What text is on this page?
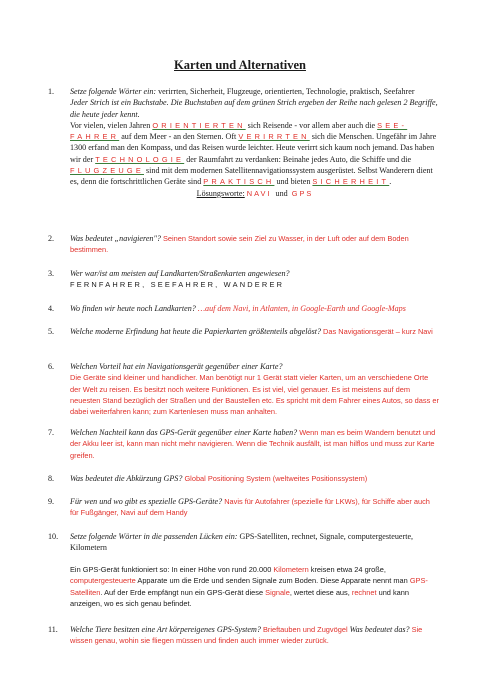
Karten und Alternativen
1. Setze folgende Wörter ein: verirrten, Sicherheit, Flugzeuge, orientierten, Technologie, praktisch, Seefahrer

Jeder Strich ist ein Buchstabe. Die Buchstaben auf dem grünen Strich ergeben der Reihe nach gelesen 2 Begriffe, die heute jeder kennt.
Vor vielen, vielen Jahren ORIENTIERTEN sich Reisende - vor allem aber auch die SEE- FAHRER auf dem Meer - an den Sternen. Oft VERIRRTEN sich die Menschen. Ungefähr im Jahre 1300 erfand man den Kompass, und das Reisen wurde leichter. Heute verirrt sich kaum noch jemand. Das haben wir der TECHNOLOGIE der Raumfahrt zu verdanken: Beinahe jedes Auto, die Schiffe und die FLUGZEUGE sind mit dem modernen Satellitennavigationssystem ausgerüstet. Selbst Wanderern dient es, denn die fortschrittlichen Geräte sind PRAKTISCH und bieten SICHERHEIT.
Lösungsworte: NAVI und GPS
2. Was bedeutet „navigieren"? Seinen Standort sowie sein Ziel zu Wasser, in der Luft oder auf dem Boden bestimmen.
3. Wer war/ist am meisten auf Landkarten/Straßenkarten angewiesen?
FERNFAHRER, SEEFAHRER, WANDERER
4. Wo finden wir heute noch Landkarten? …auf dem Navi, in Atlanten, in Google-Earth und Google-Maps
5. Welche moderne Erfindung hat heute die Papierkarten größtenteils abgelöst? Das Navigationsgerät – kurz Navi
6. Welchen Vorteil hat ein Navigationsgerät gegenüber einer Karte?
Die Geräte sind kleiner und handlicher. Man benötigt nur 1 Gerät statt vieler Karten, um an verschiedene Orte der Welt zu reisen. Es besitzt noch weitere Funktionen. Es ist viel, viel genauer. Es ist meistens auf dem neuesten Stand bezüglich der Straßen und der Baustellen etc. Es spricht mit dem Fahrer eines Autos, so dass er dabei weiterfahren kann; zum Kartenlesen muss man anhalten.
7. Welchen Nachteil kann das GPS-Gerät gegenüber einer Karte haben? Wenn man es beim Wandern benutzt und der Akku leer ist, kann man nicht mehr navigieren. Wenn die Technik ausfällt, ist man hilflos und muss zur Karte greifen.
8. Was bedeutet die Abkürzung GPS? Global Positioning System (weltweites Positionssystem)
9. Für wen und wo gibt es spezielle GPS-Geräte? Navis für Autofahrer (spezielle für LKWs), für Schiffe aber auch für Fußgänger, Navi auf dem Handy
10. Setze folgende Wörter in die passenden Lücken ein: GPS-Satelliten, rechnet, Signale, computergesteuerte, Kilometern
Ein GPS-Gerät funktioniert so: In einer Höhe von rund 20.000 Kilometern kreisen etwa 24 große, computergesteuerte Apparate um die Erde und senden Signale zum Boden. Diese Apparate nennt man GPS-Satelliten. Auf der Erde empfängt nun ein GPS-Gerät diese Signale, wertet diese aus, rechnet und kann anzeigen, wo es sich genau befindet.
11. Welche Tiere besitzen eine Art körpereigenes GPS-System? Brieftauben und Zugvögel Was bedeutet das? Sie wissen genau, wohin sie fliegen müssen und finden auch immer wieder zurück.
